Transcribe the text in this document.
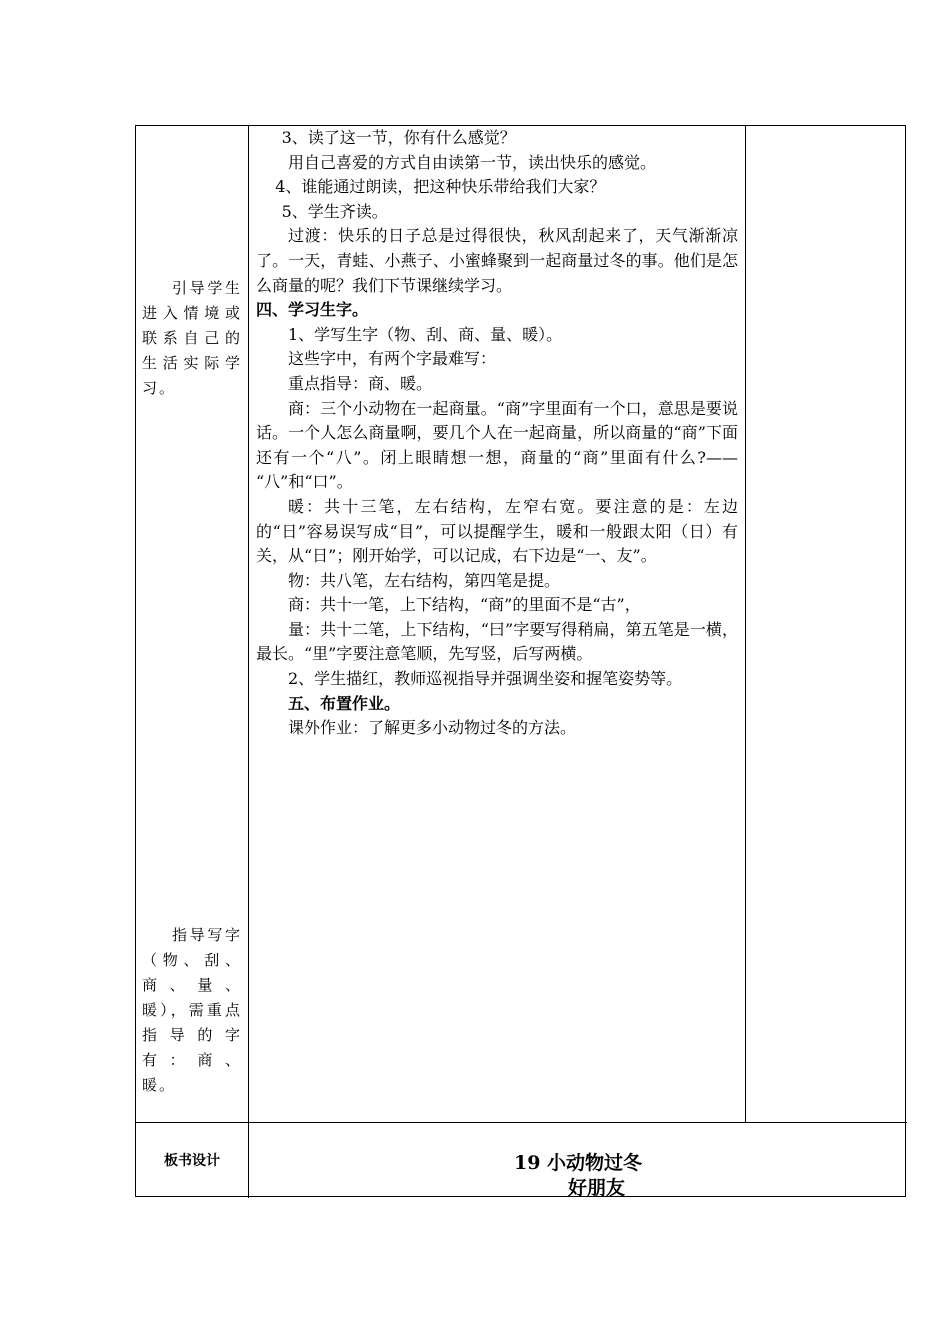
引导学生进入情境或联系自己的生活实际学习。

指导写字（物、刮、商、量、暖），需重点指导的字有：商、暖。

3、读了这一节，你有什么感觉？

用自己喜爱的方式自由读第一节，读出快乐的感觉。

4、谁能通过朗读，把这种快乐带给我们大家？

5、学生齐读。

过渡：快乐的日子总是过得很快，秋风刮起来了，天气渐渐凉了。一天，青蛙、小燕子、小蜜蜂聚到一起商量过冬的事。他们是怎么商量的呢？我们下节课继续学习。

四、学习生字。

1、学写生字（物、刮、商、量、暖）。

这些字中，有两个字最难写：

重点指导：商、暖。

商：三个小动物在一起商量。“商”字里面有一个口，意思是要说话。一个人怎么商量啊，要几个人在一起商量，所以商量的“商”下面还有一个“八”。闭上眼睛想一想，商量的“商”里面有什么?—— “八”和“口”。

暖：共十三笔，左右结构，左窄右宽。要注意的是：左边的“日”容易误写成“目”，可以提醒学生，暖和一般跟太阳（日）有关，从“日”；刚开始学，可以记成，右下边是“一、友”。

物：共八笔，左右结构，第四笔是提。

商：共十一笔，上下结构，“商”的里面不是“古”，

量：共十二笔，上下结构，“曰”字要写得稍扁，第五笔是一横，最长。“里”字要注意笔顺，先写竖，后写两横。

2、学生描红，教师巡视指导并强调坐姿和握笔姿势等。

五、布置作业。

课外作业：了解更多小动物过冬的方法。

板书设计	19 小动物过冬
好朋友
